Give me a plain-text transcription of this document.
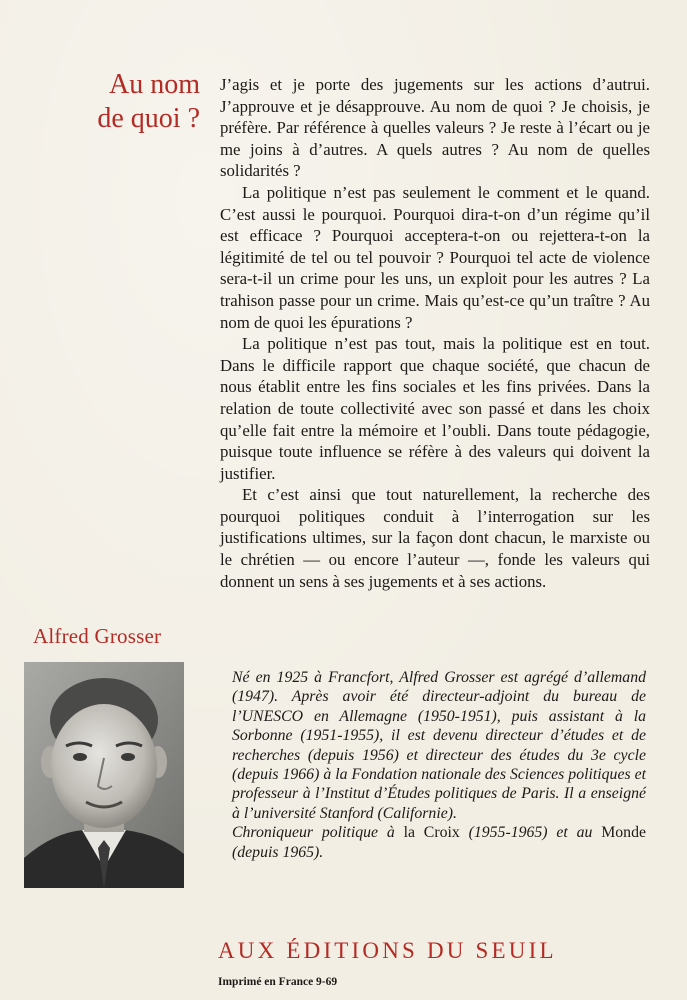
Au nom
de quoi ?

J’agis et je porte des jugements sur les actions d’autrui. J’approuve et je désapprouve. Au nom de quoi ? Je choisis, je préfère. Par référence à quelles valeurs ? Je reste à l’écart ou je me joins à d’autres. A quels autres ? Au nom de quelles solidarités ?

La politique n’est pas seulement le comment et le quand. C’est aussi le pourquoi. Pourquoi dira-t-on d’un régime qu’il est efficace ? Pourquoi acceptera-t-on ou rejettera-t-on la légitimité de tel ou tel pouvoir ? Pourquoi tel acte de violence sera-t-il un crime pour les uns, un exploit pour les autres ? La trahison passe pour un crime. Mais qu’est-ce qu’un traître ? Au nom de quoi les épurations ?

La politique n’est pas tout, mais la politique est en tout. Dans le difficile rapport que chaque société, que chacun de nous établit entre les fins sociales et les fins privées. Dans la relation de toute collectivité avec son passé et dans les choix qu’elle fait entre la mémoire et l’oubli. Dans toute pédagogie, puisque toute influence se réfère à des valeurs qui doivent la justifier.

Et c’est ainsi que tout naturellement, la recherche des pourquoi politiques conduit à l’interrogation sur les justifications ultimes, sur la façon dont chacun, le marxiste ou le chrétien — ou encore l’auteur —, fonde les valeurs qui donnent un sens à ses jugements et à ses actions.

Alfred Grosser

Né en 1925 à Francfort, Alfred Grosser est agrégé d’allemand (1947). Après avoir été directeur-adjoint du bureau de l’UNESCO en Allemagne (1950-1951), puis assistant à la Sorbonne (1951-1955), il est devenu directeur d’études et de recherches (depuis 1956) et directeur des études du 3e cycle (depuis 1966) à la Fondation nationale des Sciences politiques et professeur à l’Institut d’Études politiques de Paris. Il a enseigné à l’université Stanford (Californie).

Chroniqueur politique à la Croix (1955-1965) et au Monde (depuis 1965).

AUX ÉDITIONS DU SEUIL

Imprimé en France 9-69
